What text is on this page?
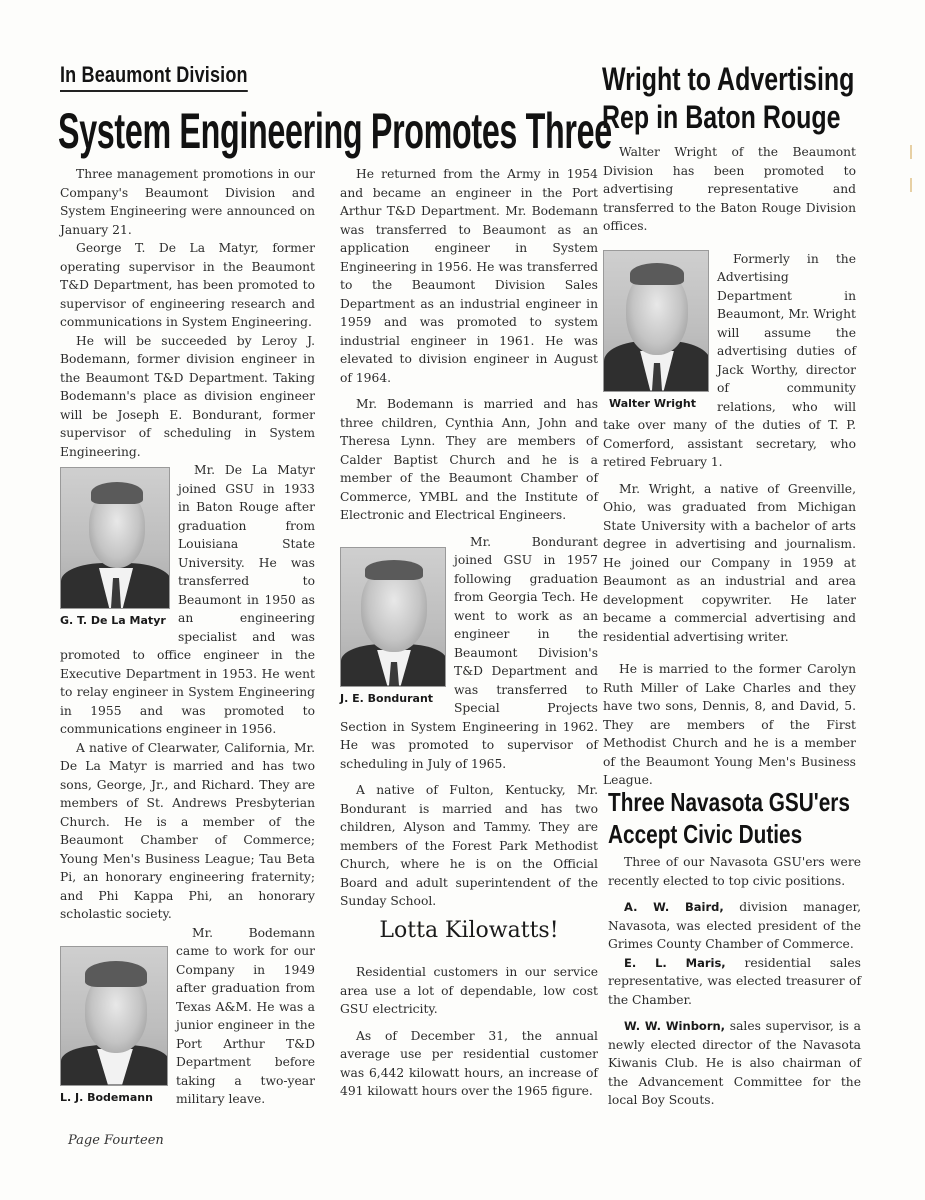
In Beaumont Division
System Engineering Promotes Three

Three management promotions in our Company's Beaumont Division and System Engineering were announced on January 21.

George T. De La Matyr, former operating supervisor in the Beaumont T&D Department, has been promoted to supervisor of engineering research and communications in System Engineering.

He will be succeeded by Leroy J. Bodemann, former division engineer in the Beaumont T&D Department. Taking Bodemann's place as division engineer will be Joseph E. Bondurant, former supervisor of scheduling in System Engineering.

G. T. De La Matyr

Mr. De La Matyr joined GSU in 1933 in Baton Rouge after graduation from Louisiana State University. He was transferred to Beaumont in 1950 as an engineering specialist and was promoted to office engineer in the Executive Department in 1953. He went to relay engineer in System Engineering in 1955 and was promoted to communications engineer in 1956.

A native of Clearwater, California, Mr. De La Matyr is married and has two sons, George, Jr., and Richard. They are members of St. Andrews Presbyterian Church. He is a member of the Beaumont Chamber of Commerce; Young Men's Business League; Tau Beta Pi, an honorary engineering fraternity; and Phi Kappa Phi, an honorary scholastic society.

L. J. Bodemann

Mr. Bodemann came to work for our Company in 1949 after graduation from Texas A&M. He was a junior engineer in the Port Arthur T&D Department before taking a two-year military leave.

He returned from the Army in 1954 and became an engineer in the Port Arthur T&D Department. Mr. Bodemann was transferred to Beaumont as an application engineer in System Engineering in 1956. He was transferred to the Beaumont Division Sales Department as an industrial engineer in 1959 and was promoted to system industrial engineer in 1961. He was elevated to division engineer in August of 1964.

Mr. Bodemann is married and has three children, Cynthia Ann, John and Theresa Lynn. They are members of Calder Baptist Church and he is a member of the Beaumont Chamber of Commerce, YMBL and the Institute of Electronic and Electrical Engineers.

J. E. Bondurant

Mr. Bondurant joined GSU in 1957 following graduation from Georgia Tech. He went to work as an engineer in the Beaumont Division's T&D Department and was transferred to Special Projects Section in System Engineering in 1962. He was promoted to supervisor of scheduling in July of 1965.

A native of Fulton, Kentucky, Mr. Bondurant is married and has two children, Alyson and Tammy. They are members of the Forest Park Methodist Church, where he is on the Official Board and adult superintendent of the Sunday School.

Lotta Kilowatts!

Residential customers in our service area use a lot of dependable, low cost GSU electricity.

As of December 31, the annual average use per residential customer was 6,442 kilowatt hours, an increase of 491 kilowatt hours over the 1965 figure.

Wright to Advertising
Rep in Baton Rouge

Walter Wright of the Beaumont Division has been promoted to advertising representative and transferred to the Baton Rouge Division offices.

Walter Wright

Formerly in the Advertising Department in Beaumont, Mr. Wright will assume the advertising duties of Jack Worthy, director of community relations, who will take over many of the duties of T. P. Comerford, assistant secretary, who retired February 1.

Mr. Wright, a native of Greenville, Ohio, was graduated from Michigan State University with a bachelor of arts degree in advertising and journalism. He joined our Company in 1959 at Beaumont as an industrial and area development copywriter. He later became a commercial advertising and residential advertising writer.

He is married to the former Carolyn Ruth Miller of Lake Charles and they have two sons, Dennis, 8, and David, 5. They are members of the First Methodist Church and he is a member of the Beaumont Young Men's Business League.

Three Navasota GSU'ers
Accept Civic Duties

Three of our Navasota GSU'ers were recently elected to top civic positions.

A. W. Baird, division manager, Navasota, was elected president of the Grimes County Chamber of Commerce.

E. L. Maris, residential sales representative, was elected treasurer of the Chamber.

W. W. Winborn, sales supervisor, is a newly elected director of the Navasota Kiwanis Club. He is also chairman of the Advancement Committee for the local Boy Scouts.

Page Fourteen
